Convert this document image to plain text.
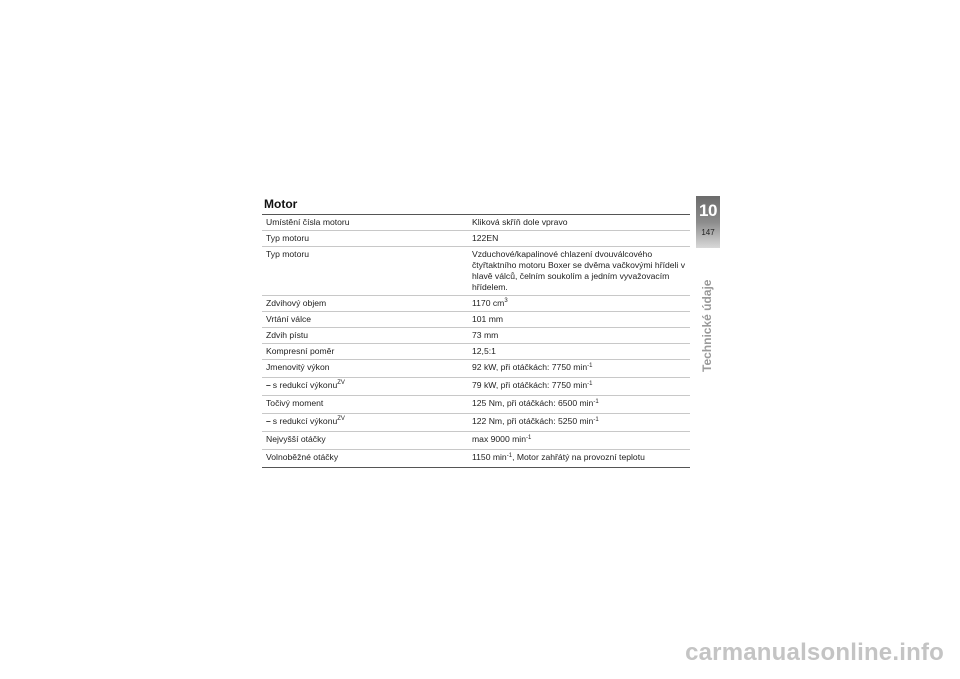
Motor
Umístění čísla motoru	Kliková skříň dole vpravo
Typ motoru	122EN
Typ motoru	Vzduchové/kapalinové chlazení dvouválcového čtyřtaktního motoru Boxer se dvěma vačkovými hřídeli v hlavě válců, čelním soukolím a jedním vyvažovacím hřídelem.
Zdvihový objem	1170 $cm^3$
Vrtání válce	101 mm
Zdvih pístu	73 mm
Kompresní poměr	12,5:1
Jmenovitý výkon	92 kW, při otáčkách: 7750 $\min^{-1}$
– s redukcí výkonu$^{ZV}$	79 kW, při otáčkách: 7750 $\min^{-1}$
Točivý moment	125 Nm, při otáčkách: 6500 $\min^{-1}$
– s redukcí výkonu$^{ZV}$	122 Nm, při otáčkách: 5250 $\min^{-1}$
Nejvyšší otáčky	max 9000 $\min^{-1}$
Volnoběžné otáčky	1150 $\min^{-1}$, Motor zahřátý na provozní teplotu
10
147
Technické údaje
carmanualsonline.info
